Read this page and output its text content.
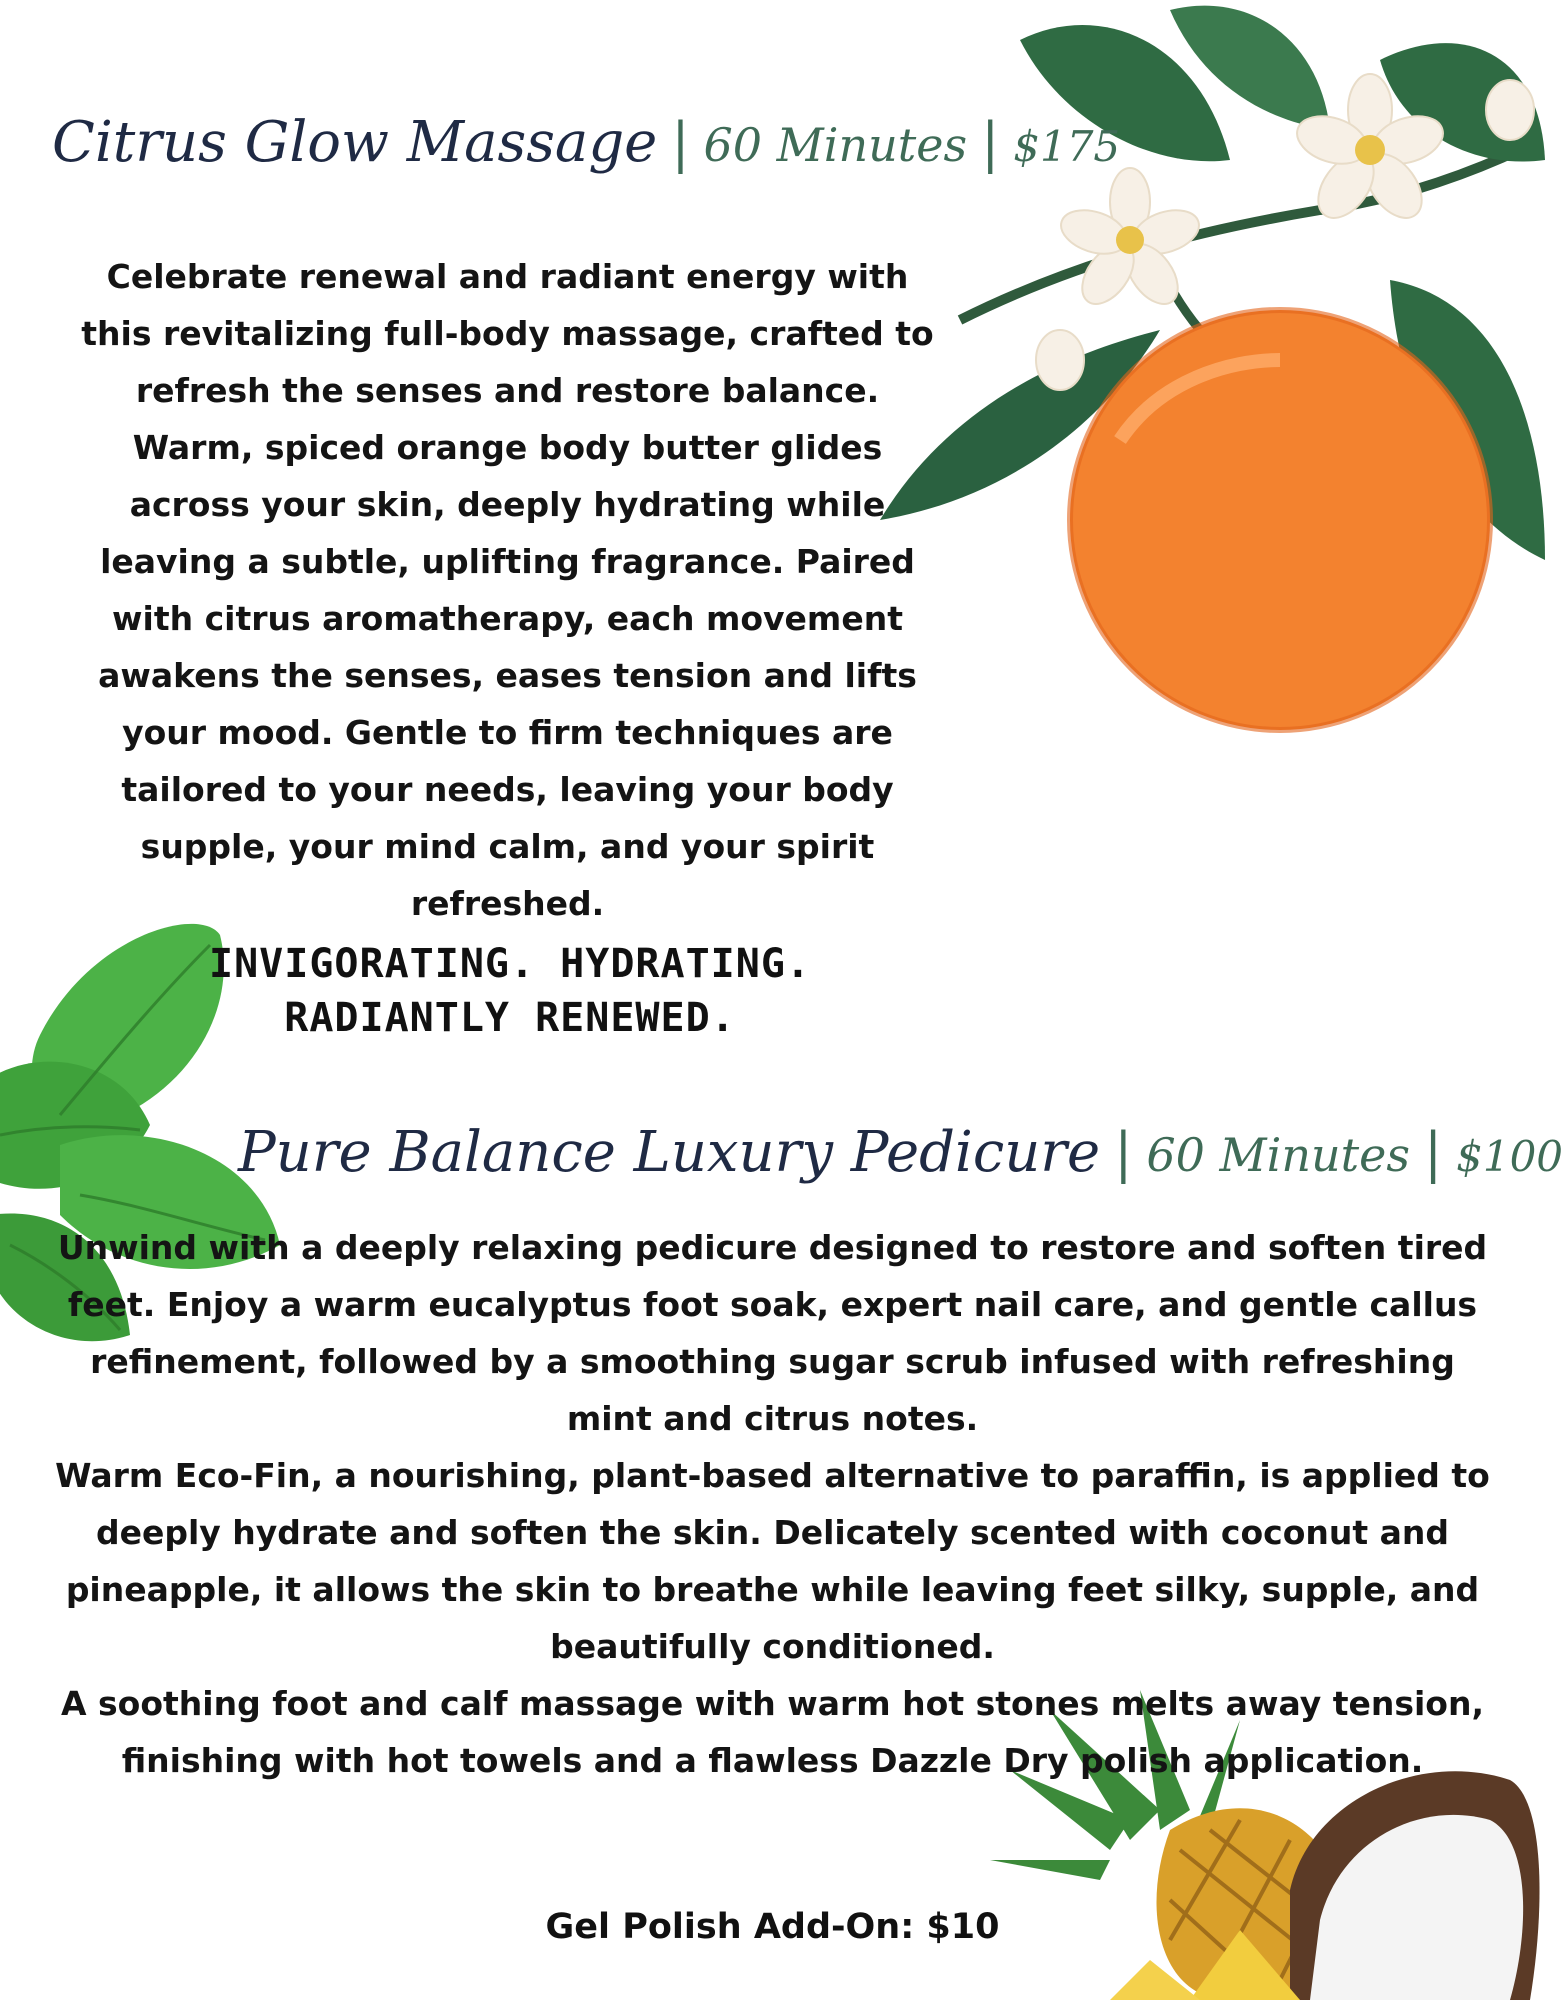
Citrus Glow Massage | 60 Minutes | $175

Celebrate renewal and radiant energy with this revitalizing full-body massage, crafted to refresh the senses and restore balance. Warm, spiced orange body butter glides across your skin, deeply hydrating while leaving a subtle, uplifting fragrance. Paired with citrus aromatherapy, each movement awakens the senses, eases tension and lifts your mood. Gentle to firm techniques are tailored to your needs, leaving your body supple, your mind calm, and your spirit refreshed.

INVIGORATING. HYDRATING.
RADIANTLY RENEWED.
Pure Balance Luxury Pedicure | 60 Minutes | $100

Unwind with a deeply relaxing pedicure designed to restore and soften tired feet. Enjoy a warm eucalyptus foot soak, expert nail care, and gentle callus refinement, followed by a smoothing sugar scrub infused with refreshing mint and citrus notes.

Warm Eco-Fin, a nourishing, plant-based alternative to paraffin, is applied to deeply hydrate and soften the skin. Delicately scented with coconut and pineapple, it allows the skin to breathe while leaving feet silky, supple, and beautifully conditioned.

A soothing foot and calf massage with warm hot stones melts away tension, finishing with hot towels and a flawless Dazzle Dry polish application.

Gel Polish Add-On: $10
